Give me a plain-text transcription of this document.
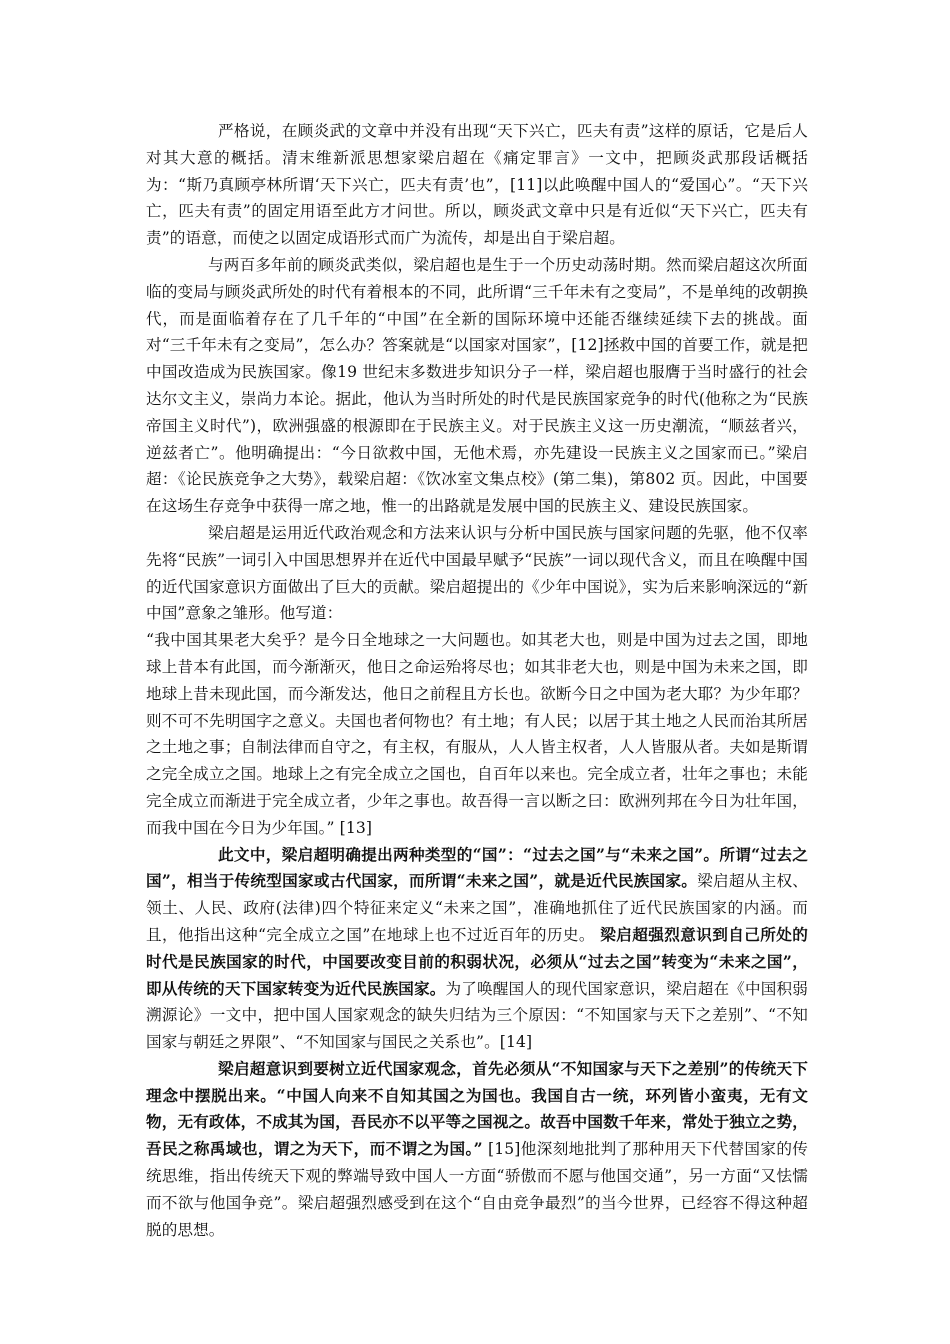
严格说，在顾炎武的文章中并没有出现“天下兴亡，匹夫有责”这样的原话，它是后人对其大意的概括。清末维新派思想家梁启超在《痛定罪言》一文中，把顾炎武那段话概括为：“斯乃真顾亭林所谓‘天下兴亡，匹夫有责’也”，[11]以此唤醒中国人的“爱国心”。“天下兴亡，匹夫有责”的固定用语至此方才问世。所以，顾炎武文章中只是有近似“天下兴亡，匹夫有责”的语意，而使之以固定成语形式而广为流传，却是出自于梁启超。

与两百多年前的顾炎武类似，梁启超也是生于一个历史动荡时期。然而梁启超这次所面临的变局与顾炎武所处的时代有着根本的不同，此所谓“三千年未有之变局”，不是单纯的改朝换代，而是面临着存在了几千年的“中国”在全新的国际环境中还能否继续延续下去的挑战。面对“三千年未有之变局”，怎么办？答案就是“以国家对国家”，[12]拯救中国的首要工作，就是把中国改造成为民族国家。像19 世纪末多数进步知识分子一样，梁启超也服膺于当时盛行的社会达尔文主义，崇尚力本论。据此，他认为当时所处的时代是民族国家竞争的时代(他称之为“民族帝国主义时代”)，欧洲强盛的根源即在于民族主义。对于民族主义这一历史潮流，“顺兹者兴，逆兹者亡”。他明确提出：“今日欲救中国，无他术焉，亦先建设一民族主义之国家而已。”梁启超：《论民族竞争之大势》，载梁启超：《饮冰室文集点校》(第二集)，第802 页。因此，中国要在这场生存竞争中获得一席之地，惟一的出路就是发展中国的民族主义、建设民族国家。

梁启超是运用近代政治观念和方法来认识与分析中国民族与国家问题的先驱，他不仅率先将“民族”一词引入中国思想界并在近代中国最早赋予“民族”一词以现代含义，而且在唤醒中国的近代国家意识方面做出了巨大的贡献。梁启超提出的《少年中国说》，实为后来影响深远的“新中国”意象之雏形。他写道：

“我中国其果老大矣乎？是今日全地球之一大问题也。如其老大也，则是中国为过去之国，即地球上昔本有此国，而今渐渐灭，他日之命运殆将尽也；如其非老大也，则是中国为未来之国，即地球上昔未现此国，而今渐发达，他日之前程且方长也。欲断今日之中国为老大耶？为少年耶？则不可不先明国字之意义。夫国也者何物也？有土地；有人民；以居于其土地之人民而治其所居之土地之事；自制法律而自守之，有主权，有服从，人人皆主权者，人人皆服从者。夫如是斯谓之完全成立之国。地球上之有完全成立之国也，自百年以来也。完全成立者，壮年之事也；未能完全成立而渐进于完全成立者，少年之事也。故吾得一言以断之曰：欧洲列邦在今日为壮年国，而我中国在今日为少年国。” [13]

此文中，梁启超明确提出两种类型的“国”：“过去之国”与“未来之国”。所谓“过去之国”，相当于传统型国家或古代国家，而所谓“未来之国”，就是近代民族国家。梁启超从主权、领土、人民、政府(法律)四个特征来定义“未来之国”，准确地抓住了近代民族国家的内涵。而且，他指出这种“完全成立之国”在地球上也不过近百年的历史。 梁启超强烈意识到自己所处的时代是民族国家的时代，中国要改变目前的积弱状况，必须从“过去之国”转变为“未来之国”，即从传统的天下国家转变为近代民族国家。为了唤醒国人的现代国家意识，梁启超在《中国积弱溯源论》一文中，把中国人国家观念的缺失归结为三个原因：“不知国家与天下之差别”、“不知国家与朝廷之界限”、“不知国家与国民之关系也”。[14]

梁启超意识到要树立近代国家观念，首先必须从“不知国家与天下之差别”的传统天下理念中摆脱出来。“中国人向来不自知其国之为国也。我国自古一统，环列皆小蛮夷，无有文物，无有政体，不成其为国，吾民亦不以平等之国视之。故吾中国数千年来，常处于独立之势，吾民之称禹域也，谓之为天下，而不谓之为国。” [15]他深刻地批判了那种用天下代替国家的传统思维，指出传统天下观的弊端导致中国人一方面“骄傲而不愿与他国交通”，另一方面“又怯懦而不欲与他国争竞”。梁启超强烈感受到在这个“自由竞争最烈”的当今世界，已经容不得这种超脱的思想。
